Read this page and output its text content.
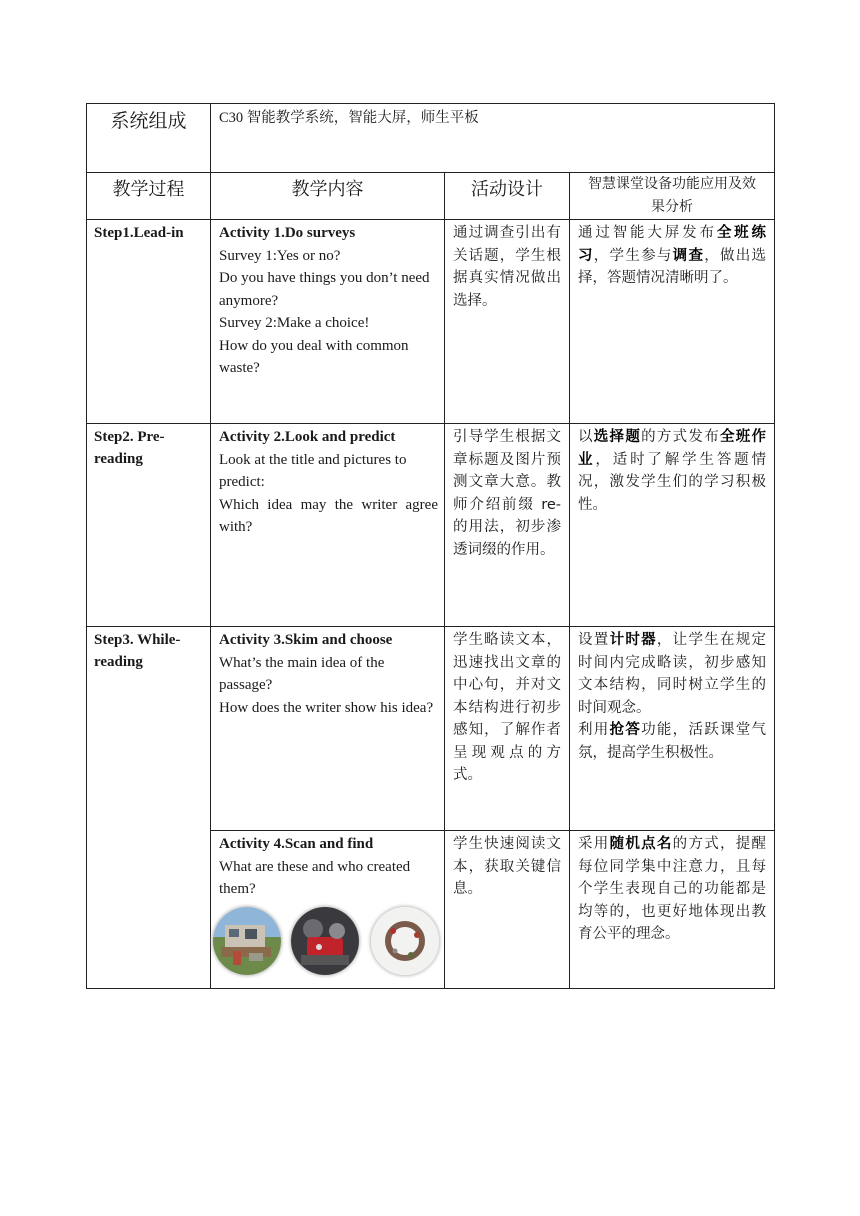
系统组成	C30 智能教学系统，智能大屏，师生平板		
教学过程	教学内容	活动设计	智慧课堂设备功能应用及效果分析
Step1.Lead-in	Activity 1.Do surveys
Survey 1:Yes or no?
Do you have things you don’t need anymore?
Survey 2:Make a choice!
How do you deal with common waste?	通过调查引出有关话题，学生根据真实情况做出选择。	通过智能大屏发布全班练习，学生参与调查，做出选择，答题情况清晰明了。
Step2. Pre-reading	Activity 2.Look and predict
Look at the title and pictures to predict:
Which idea may the writer agree with?	引导学生根据文章标题及图片预测文章大意。教师介绍前缀 re-的用法，初步渗透词缀的作用。	以选择题的方式发布全班作业，适时了解学生答题情况，激发学生们的学习积极性。
Step3. While-reading	Activity 3.Skim and choose
What’s the main idea of the passage?
How does the writer show his idea?	学生略读文本，迅速找出文章的中心句，并对文本结构进行初步感知，了解作者呈现观点的方式。	设置计时器，让学生在规定时间内完成略读，初步感知文本结构，同时树立学生的时间观念。
利用抢答功能，活跃课堂气氛，提高学生积极性。

	Activity 4.Scan and find
What are these and who created them?	学生快速阅读文本，获取关键信息。	采用随机点名的方式，提醒每位同学集中注意力，且每个学生表现自己的功能都是均等的，也更好地体现出教育公平的理念。
